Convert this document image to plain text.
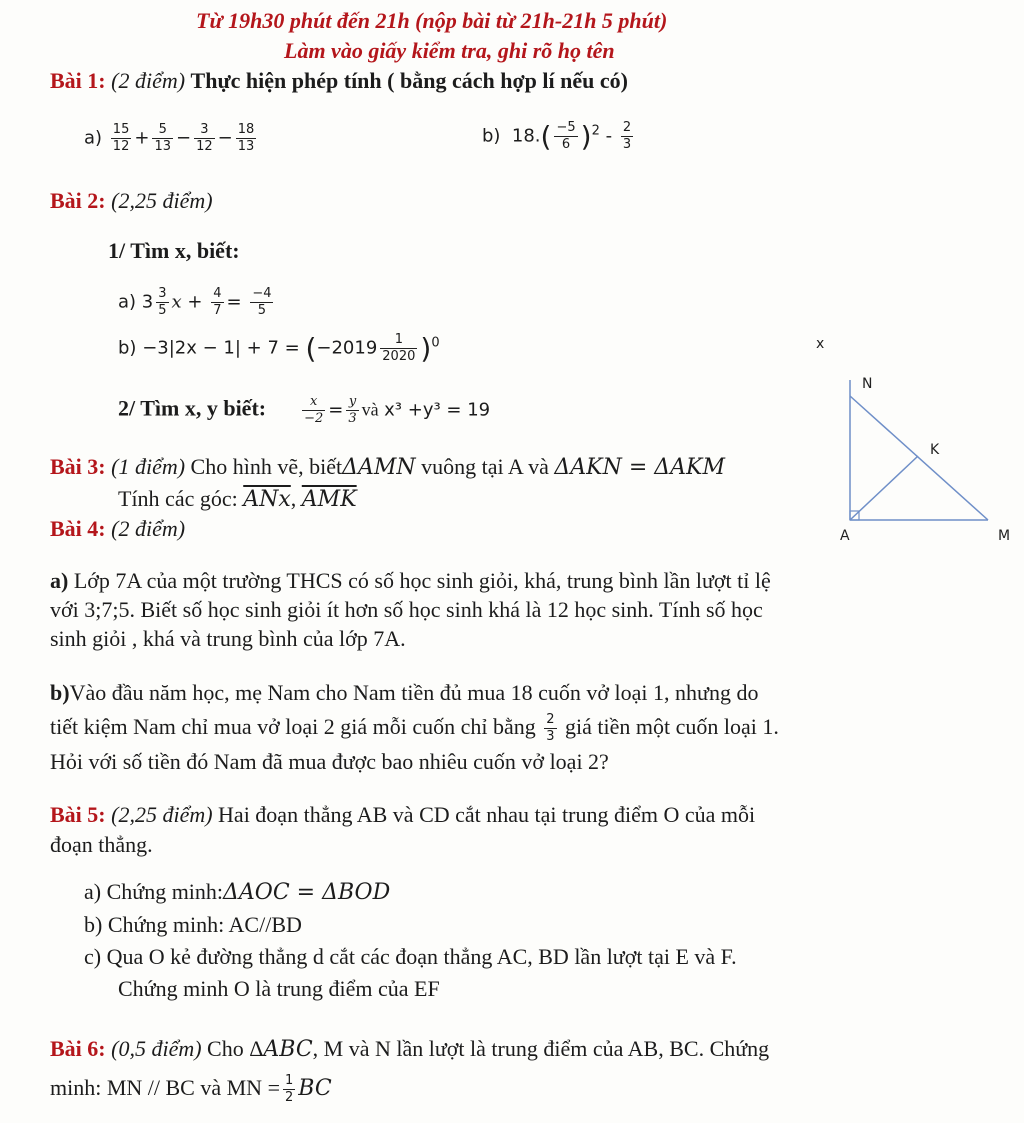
Từ 19h30 phút đến 21h (nộp bài từ 21h-21h 5 phút)
Làm vào giấy kiểm tra, ghi rõ họ tên
Bài 1: (2 điểm) Thực hiện phép tính ( bằng cách hợp lí nếu có)
$a) \frac{15}{12} + \frac{5}{13} - \frac{3}{12} - \frac{18}{13}$	b) $18.( \frac{-5}{6} )^2 - \frac{2}{3}$
Bài 2: (2,25 điểm)
1/ Tìm x, biết:
a) $3 \frac{3}{5}$ $x + \frac{4}{7} = \frac{-4}{5}$
$b) -3|2x - 1| + 7 = (-2019 \frac{1}{2020} )^0$
2/ Tìm x, y biết:	$\frac{x}{-2} = \frac{y}{3}$ và x³ +y³ = 19
Bài 3: (1 điểm) Cho hình vẽ, biếtΔAMN vuông tại A và ΔAKN = ΔAKM
Tính các góc: $\overline{ANx}$, $\overline{AMK}$
x
N
K
A	M
Bài 4: (2 điểm)

a) Lớp 7A của một trường THCS có số học sinh giỏi, khá, trung bình lần lượt tỉ lệ

với 3;7;5. Biết số học sinh giỏi ít hơn số học sinh khá là 12 học sinh. Tính số học

sinh giỏi , khá và trung bình của lớp 7A.

b)Vào đầu năm học, mẹ Nam cho Nam tiền đủ mua 18 cuốn vở loại 1, nhưng do

tiết kiệm Nam chỉ mua vở loại 2 giá mỗi cuốn chỉ bằng $\frac{2}{3}$ giá tiền một cuốn loại 1.

Hỏi với số tiền đó Nam đã mua được bao nhiêu cuốn vở loại 2?

Bài 5: (2,25 điểm) Hai đoạn thẳng AB và CD cắt nhau tại trung điểm O của mỗi

đoạn thẳng.

a) Chứng minh:ΔAOC = ΔBOD

b) Chứng minh: AC//BD

c) Qua O kẻ đường thẳng d cắt các đoạn thẳng AC, BD lần lượt tại E và F.

Chứng minh O là trung điểm của EF

Bài 6: (0,5 điểm) Cho ΔABC, M và N lần lượt là trung điểm của AB, BC. Chứng

minh: MN // BC và MN = $\frac{1}{2}$ BC
